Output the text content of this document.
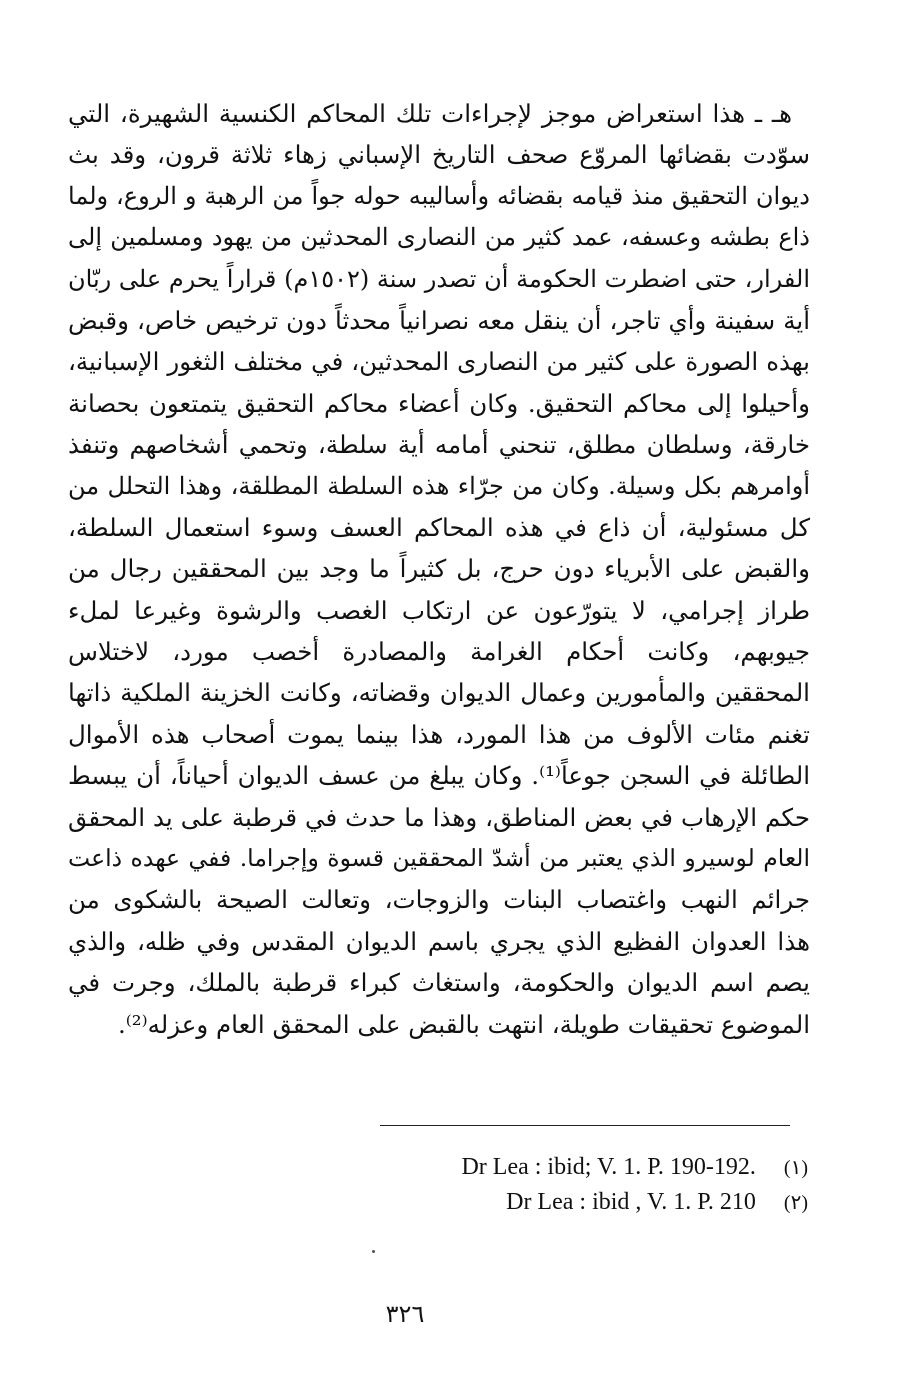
هـ ـ هذا استعراض موجز لإجراءات تلك المحاكم الكنسية الشهيرة، التي
سوّدت بقضائها المروّع صحف التاريخ الإسباني زهاء ثلاثة قرون، وقد بث
ديوان التحقيق منذ قيامه بقضائه وأساليبه حوله جواً من الرهبة و الروع، ولما
ذاع بطشه وعسفه، عمد كثير من النصارى المحدثين من يهود ومسلمين إلى
الفرار، حتى اضطرت الحكومة أن تصدر سنة (١٥٠٢م) قراراً يحرم على ربّان
أية سفينة وأي تاجر، أن ينقل معه نصرانياً محدثاً دون ترخيص خاص، وقبض
بهذه الصورة على كثير من النصارى المحدثين، في مختلف الثغور الإسبانية،
وأحيلوا إلى محاكم التحقيق. وكان أعضاء محاكم التحقيق يتمتعون بحصانة
خارقة، وسلطان مطلق، تنحني أمامه أية سلطة، وتحمي أشخاصهم وتنفذ
أوامرهم بكل وسيلة. وكان من جرّاء هذه السلطة المطلقة، وهذا التحلل من
كل مسئولية، أن ذاع في هذه المحاكم العسف وسوء استعمال السلطة،
والقبض على الأبرياء دون حرج، بل كثيراً ما وجد بين المحققين رجال من
طراز إجرامي، لا يتورّعون عن ارتكاب الغصب والرشوة وغيرعا لملء
جيوبهم، وكانت أحكام الغرامة والمصادرة أخصب مورد، لاختلاس
المحققين والمأمورين وعمال الديوان وقضاته، وكانت الخزينة الملكية ذاتها
تغنم مئات الألوف من هذا المورد، هذا بينما يموت أصحاب هذه الأموال
الطائلة في السجن جوعاً⁽¹⁾. وكان يبلغ من عسف الديوان أحياناً، أن يبسط
حكم الإرهاب في بعض المناطق، وهذا ما حدث في قرطبة على يد المحقق
العام لوسيرو الذي يعتبر من أشدّ المحققين قسوة وإجراما. ففي عهده ذاعت
جرائم النهب واغتصاب البنات والزوجات، وتعالت الصيحة بالشكوى من
هذا العدوان الفظيع الذي يجري باسم الديوان المقدس وفي ظله، والذي
يصم اسم الديوان والحكومة، واستغاث كبراء قرطبة بالملك، وجرت في
الموضوع تحقيقات طويلة، انتهت بالقبض على المحقق العام وعزله⁽²⁾.
Dr Lea : ibid; V. 1. P. 190-192. (١)
Dr Lea : ibid , V. 1. P. 210 (٢)
٣٢٦
